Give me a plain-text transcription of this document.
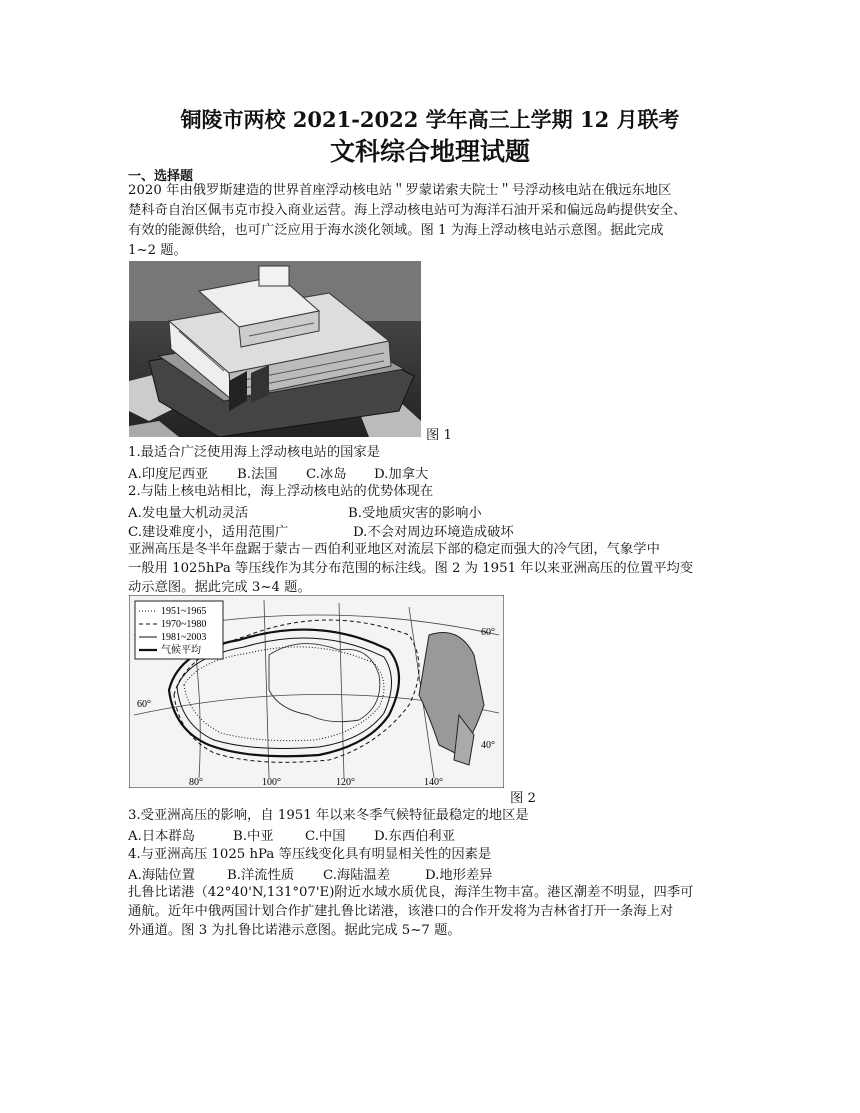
铜陵市两校 2021-2022 学年高三上学期 12 月联考
文科综合地理试题
一、选择题
2020 年由俄罗斯建造的世界首座浮动核电站＂罗蒙诺索夫院士＂号浮动核电站在俄远东地区
楚科奇自治区佩韦克市投入商业运营。海上浮动核电站可为海洋石油开采和偏远岛屿提供安全、
有效的能源供给，也可广泛应用于海水淡化领域。图 1 为海上浮动核电站示意图。据此完成
1~2 题。
图 1
1.最适合广泛使用海上浮动核电站的国家是
A.印度尼西亚 B.法国 C.冰岛 D.加拿大
2.与陆上核电站相比，海上浮动核电站的优势体现在
A.发电量大机动灵活	B.受地质灾害的影响小
C.建设难度小，适用范围广	D.不会对周边环境造成破坏
亚洲高压是冬半年盘踞于蒙古－西伯利亚地区对流层下部的稳定而强大的冷气团，气象学中
一般用 1025hPa 等压线作为其分布范围的标注线。图 2 为 1951 年以来亚洲高压的位置平均变
动示意图。据此完成 3~4 题。
1951~1965
1970~1980
1981~2003
气候平均
60°
40°
60°
80°	100°	120°	140°
图 2
3.受亚洲高压的影响，自 1951 年以来冬季气候特征最稳定的地区是
A.日本群岛	B.中亚 C.中国 D.东西伯利亚
4.与亚洲高压 1025 hPa 等压线变化具有明显相关性的因素是
A.海陆位置 B.洋流性质 C.海陆温差	D.地形差异
扎鲁比诺港（42°40'N,131°07'E)附近水域水质优良，海洋生物丰富。港区潮差不明显，四季可
通航。近年中俄两国计划合作扩建扎鲁比诺港，该港口的合作开发将为吉林省打开一条海上对
外通道。图 3 为扎鲁比诺港示意图。据此完成 5~7 题。
